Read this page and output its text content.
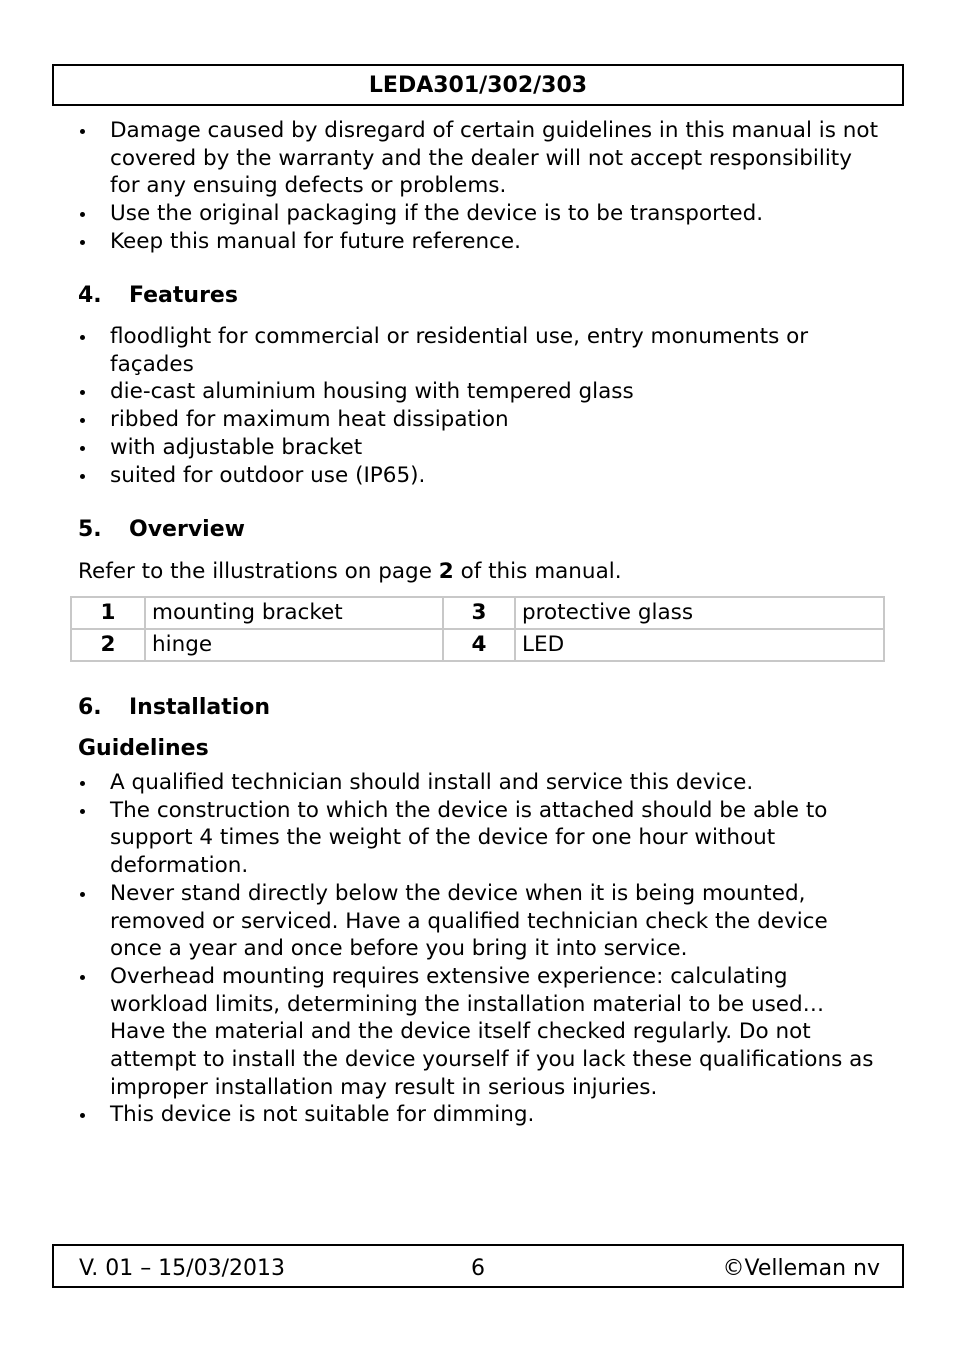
LEDA301/302/303
Damage caused by disregard of certain guidelines in this manual is not covered by the warranty and the dealer will not accept responsibility for any ensuing defects or problems.
Use the original packaging if the device is to be transported.
Keep this manual for future reference.
4. Features
floodlight for commercial or residential use, entry monuments or façades
die-cast aluminium housing with tempered glass
ribbed for maximum heat dissipation
with adjustable bracket
suited for outdoor use (IP65).
5. Overview
Refer to the illustrations on page 2 of this manual.
1	mounting bracket	3	protective glass
2	hinge	4	LED
6. Installation
Guidelines
A qualified technician should install and service this device.
The construction to which the device is attached should be able to support 4 times the weight of the device for one hour without deformation.
Never stand directly below the device when it is being mounted, removed or serviced. Have a qualified technician check the device once a year and once before you bring it into service.
Overhead mounting requires extensive experience: calculating workload limits, determining the installation material to be used… Have the material and the device itself checked regularly. Do not attempt to install the device yourself if you lack these qualifications as improper installation may result in serious injuries.
This device is not suitable for dimming.
V. 01 – 15/03/2013	6	©Velleman nv
